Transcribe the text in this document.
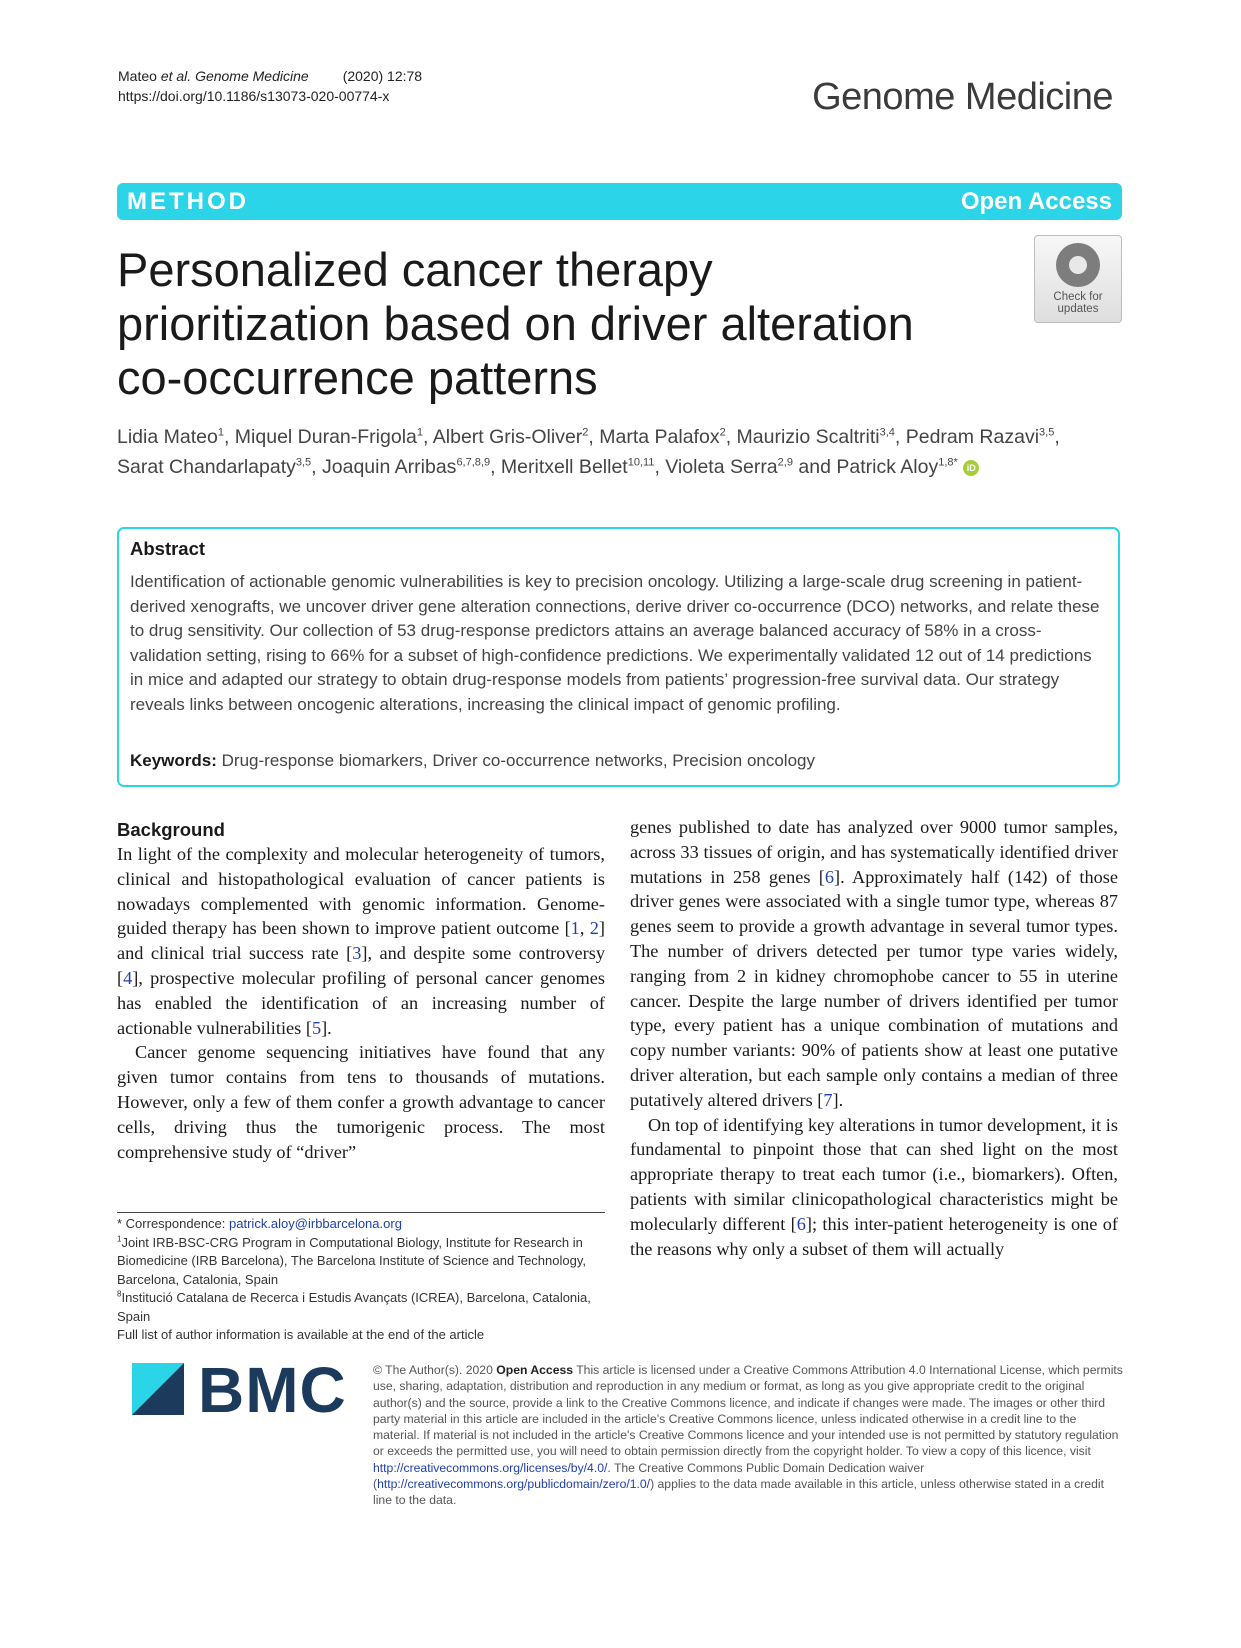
Mateo et al. Genome Medicine (2020) 12:78
https://doi.org/10.1186/s13073-020-00774-x	Genome Medicine
METHOD	Open Access
Personalized cancer therapy prioritization based on driver alteration co-occurrence patterns
Check for
updates
Lidia Mateo$^1$, Miquel Duran-Frigola$^1$, Albert Gris-Oliver$^2$, Marta Palafox$^2$, Maurizio Scaltriti$^{3,4}$, Pedram Razavi$^{3,5}$,
Sarat Chandarlapaty$^{3,5}$, Joaquin Arribas$^{6,7,8,9}$, Meritxell Bellet$^{10,11}$, Violeta Serra$^{2,9}$ and Patrick Aloy$^{1,8*}$ iD
Abstract

Identification of actionable genomic vulnerabilities is key to precision oncology. Utilizing a large-scale drug screening in patient-derived xenografts, we uncover driver gene alteration connections, derive driver co-occurrence (DCO) networks, and relate these to drug sensitivity. Our collection of 53 drug-response predictors attains an average balanced accuracy of 58% in a cross-validation setting, rising to 66% for a subset of high-confidence predictions. We experimentally validated 12 out of 14 predictions in mice and adapted our strategy to obtain drug-response models from patients’ progression-free survival data. Our strategy reveals links between oncogenic alterations, increasing the clinical impact of genomic profiling.

Keywords: Drug-response biomarkers, Driver co-occurrence networks, Precision oncology
Background

In light of the complexity and molecular heterogeneity of tumors, clinical and histopathological evaluation of cancer patients is nowadays complemented with genomic information. Genome-guided therapy has been shown to improve patient outcome [1, 2] and clinical trial success rate [3], and despite some controversy [4], prospective molecular profiling of personal cancer genomes has enabled the identification of an increasing number of actionable vulnerabilities [5].

Cancer genome sequencing initiatives have found that any given tumor contains from tens to thousands of mutations. However, only a few of them confer a growth advantage to cancer cells, driving thus the tumorigenic process. The most comprehensive study of “driver”

genes published to date has analyzed over 9000 tumor samples, across 33 tissues of origin, and has systematically identified driver mutations in 258 genes [6]. Approximately half (142) of those driver genes were associated with a single tumor type, whereas 87 genes seem to provide a growth advantage in several tumor types. The number of drivers detected per tumor type varies widely, ranging from 2 in kidney chromophobe cancer to 55 in uterine cancer. Despite the large number of drivers identified per tumor type, every patient has a unique combination of mutations and copy number variants: 90% of patients show at least one putative driver alteration, but each sample only contains a median of three putatively altered drivers [7].

On top of identifying key alterations in tumor development, it is fundamental to pinpoint those that can shed light on the most appropriate therapy to treat each tumor (i.e., biomarkers). Often, patients with similar clinicopathological characteristics might be molecularly different [6]; this inter-patient heterogeneity is one of the reasons why only a subset of them will actually

* Correspondence: patrick.aloy@irbbarcelona.org

$^1$Joint IRB-BSC-CRG Program in Computational Biology, Institute for Research in Biomedicine (IRB Barcelona), The Barcelona Institute of Science and Technology, Barcelona, Catalonia, Spain

$^8$Institució Catalana de Recerca i Estudis Avançats (ICREA), Barcelona, Catalonia, Spain

Full list of author information is available at the end of the article

BMC © The Author(s). 2020 Open Access This article is licensed under a Creative Commons Attribution 4.0 International License, which permits use, sharing, adaptation, distribution and reproduction in any medium or format, as long as you give appropriate credit to the original author(s) and the source, provide a link to the Creative Commons licence, and indicate if changes were made. The images or other third party material in this article are included in the article's Creative Commons licence, unless indicated otherwise in a credit line to the material. If material is not included in the article's Creative Commons licence and your intended use is not permitted by statutory regulation or exceeds the permitted use, you will need to obtain permission directly from the copyright holder. To view a copy of this licence, visit http://creativecommons.org/licenses/by/4.0/. The Creative Commons Public Domain Dedication waiver (http://creativecommons.org/publicdomain/zero/1.0/) applies to the data made available in this article, unless otherwise stated in a credit line to the data.
